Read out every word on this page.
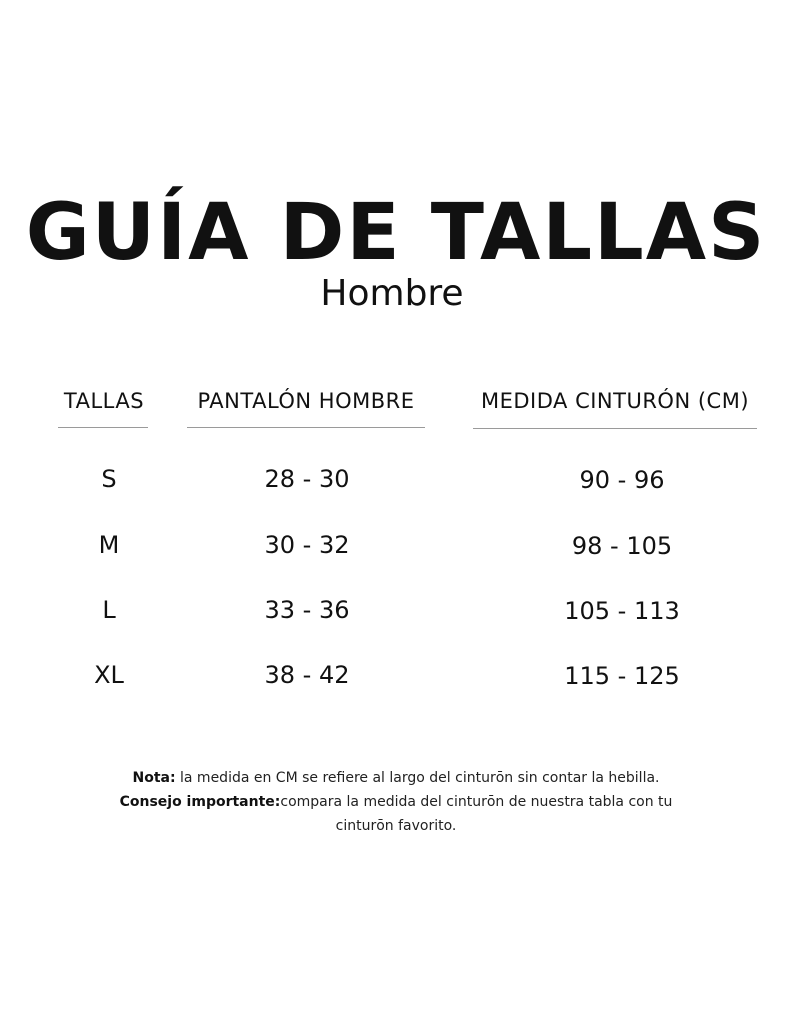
GUÍA DE TALLAS
Hombre
TALLAS	PANTALÓN HOMBRE	MEDIDA CINTURÓN (CM)
S	28 - 30	90 - 96
M	30 - 32	98 - 105
L	33 - 36	105 - 113
XL	38 - 42	115 - 125
Nota: la medida en CM se refiere al largo del cinturōn sin contar la hebilla.
Consejo importante:compara la medida del cinturōn de nuestra tabla con tu cinturōn favorito.
